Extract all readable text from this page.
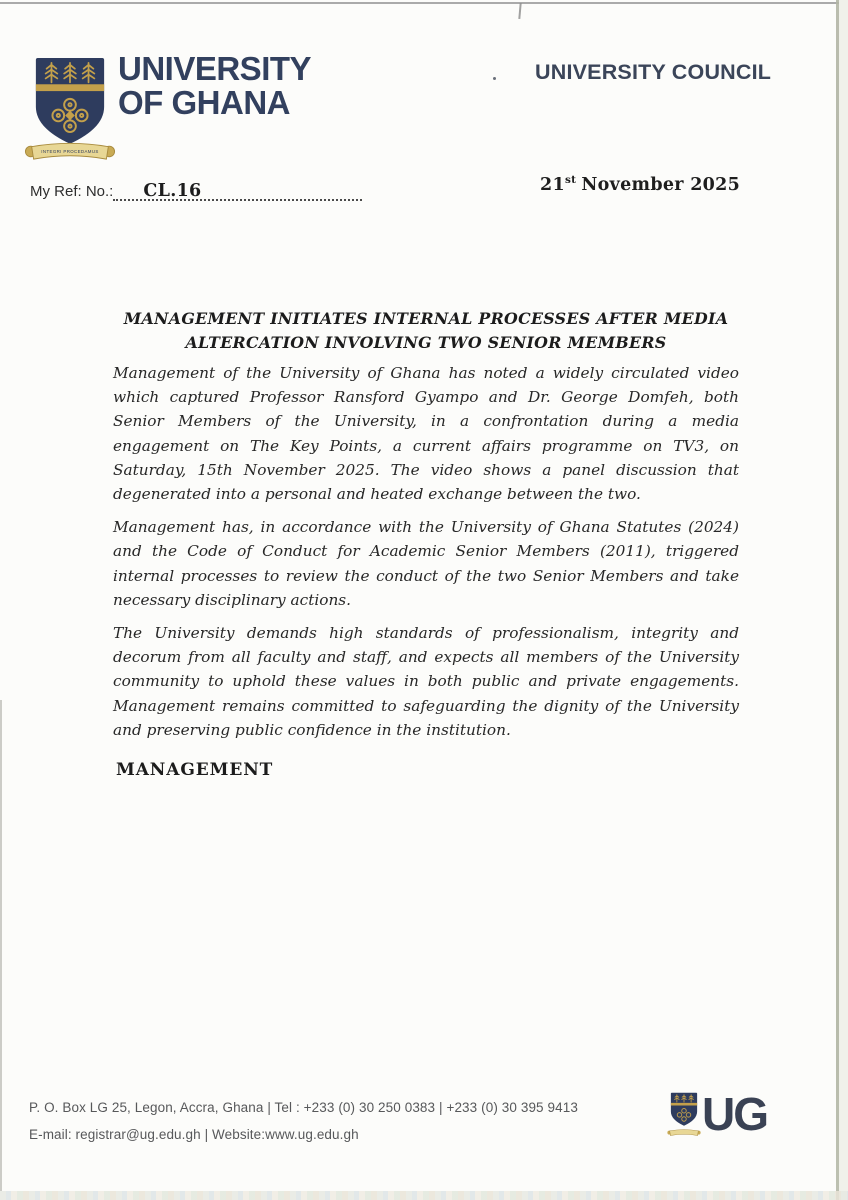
INTEGRI PROCEDAMUS
UNIVERSITY
OF GHANA
UNIVERSITY COUNCIL
My Ref: No.: CL.16	21st November 2025
MANAGEMENT INITIATES INTERNAL PROCESSES AFTER MEDIA
ALTERCATION INVOLVING TWO SENIOR MEMBERS

Management of the University of Ghana has noted a widely circulated video which captured Professor Ransford Gyampo and Dr. George Domfeh, both Senior Members of the University, in a confrontation during a media engagement on The Key Points, a current affairs programme on TV3, on Saturday, 15th November 2025. The video shows a panel discussion that degenerated into a personal and heated exchange between the two.

Management has, in accordance with the University of Ghana Statutes (2024) and the Code of Conduct for Academic Senior Members (2011), triggered internal processes to review the conduct of the two Senior Members and take necessary disciplinary actions.

The University demands high standards of professionalism, integrity and decorum from all faculty and staff, and expects all members of the University community to uphold these values in both public and private engagements. Management remains committed to safeguarding the dignity of the University and preserving public confidence in the institution.

MANAGEMENT
P. O. Box LG 25, Legon, Accra, Ghana | Tel : +233 (0) 30 250 0383 | +233 (0) 30 395 9413
E-mail: registrar@ug.edu.gh | Website:www.ug.edu.gh	UG
